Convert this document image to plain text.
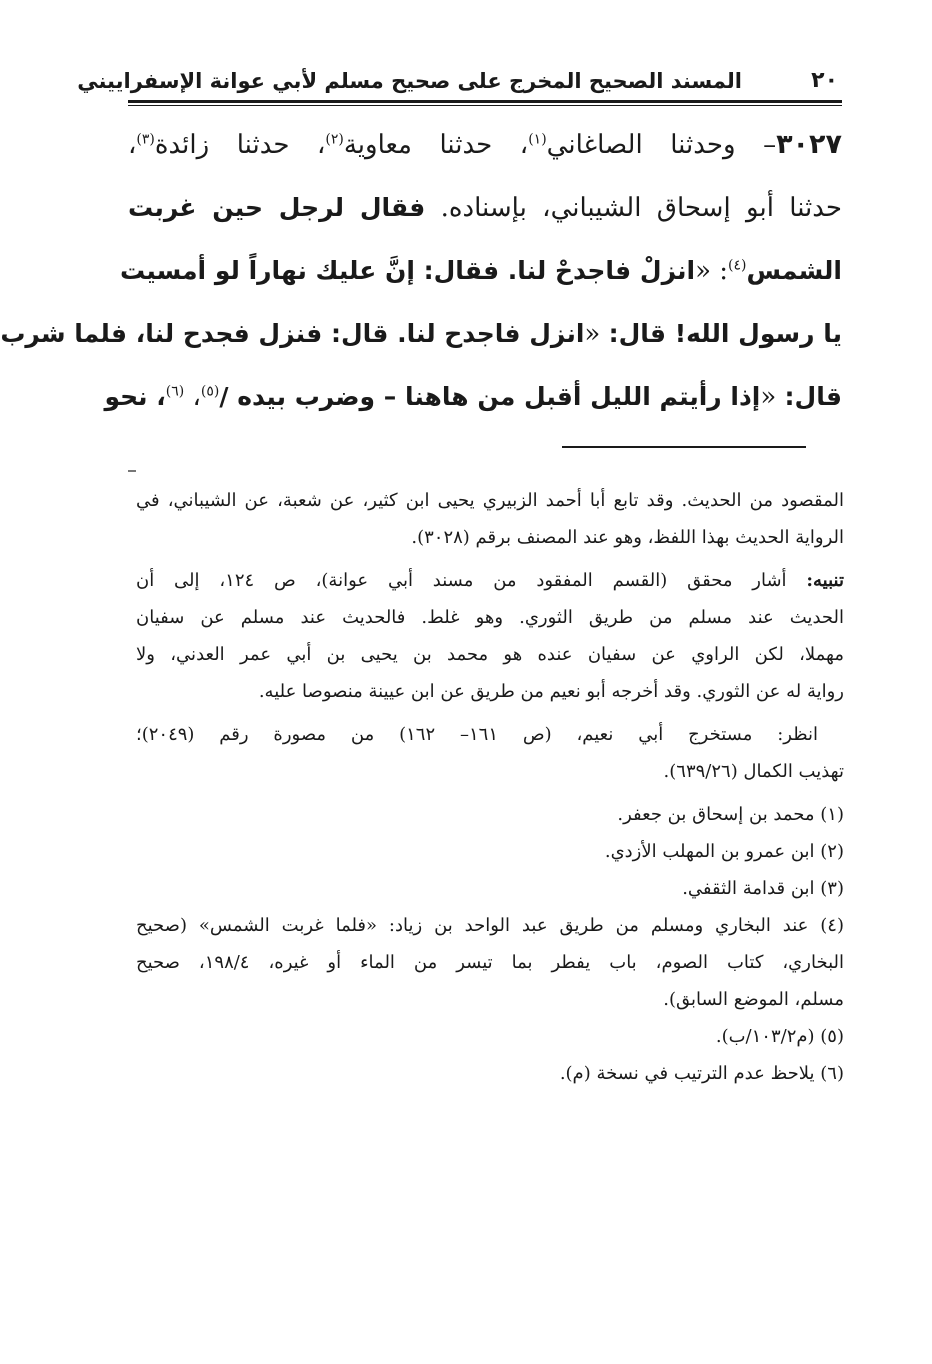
٢٠
المسند الصحيح المخرج على صحيح مسلم لأبي عوانة الإسفراييني
٣٠٢٧– وحدثنا الصاغاني$^{(١)}$، حدثنا معاوية$^{(٢)}$، حدثنا زائدة$^{(٣)}$،
حدثنا أبو إسحاق الشيباني، بإسناده. فقال لرجل حين غربت
الشمس$^{(٤)}$: «انزلْ فاجدحْ لنا. فقال: إنَّ عليك نهاراً لو أمسيت
يا رسول الله! قال: «انزل فاجدح لنا. قال: فنزل فجدح لنا، فلما شرب
قال: «إذا رأيتم الليل أقبل من هاهنا – وضرب بيده /$^{(٥)}$، $^{(٦)}$، نحو
المقصود من الحديث. وقد تابع أبا أحمد الزبيري يحيى ابن كثير، عن شعبة، عن الشيباني، في
الرواية الحديث بهذا اللفظ، وهو عند المصنف برقم (٣٠٢٨).
تنبيه: أشار محقق (القسم المفقود من مسند أبي عوانة)، ص ١٢٤، إلى أن
الحديث عند مسلم من طريق الثوري. وهو غلط. فالحديث عند مسلم عن سفيان
مهملا، لكن الراوي عن سفيان عنده هو محمد بن يحيى بن أبي عمر العدني، ولا
رواية له عن الثوري. وقد أخرجه أبو نعيم من طريق عن ابن عيينة منصوصا عليه.
انظر: مستخرج أبي نعيم، (ص ١٦١– ١٦٢) من مصورة رقم (٢٠٤٩)؛
تهذيب الكمال (٦٣٩/٢٦).
(١) محمد بن إسحاق بن جعفر.
(٢) ابن عمرو بن المهلب الأزدي.
(٣) ابن قدامة الثقفي.
(٤) عند البخاري ومسلم من طريق عبد الواحد بن زياد: «فلما غربت الشمس» (صحيح
البخاري، كتاب الصوم، باب يفطر بما تيسر من الماء أو غيره، ١٩٨/٤، صحيح
مسلم، الموضع السابق).
(٥) (م١٠٣/٢/ب).
(٦) يلاحظ عدم الترتيب في نسخة (م).
